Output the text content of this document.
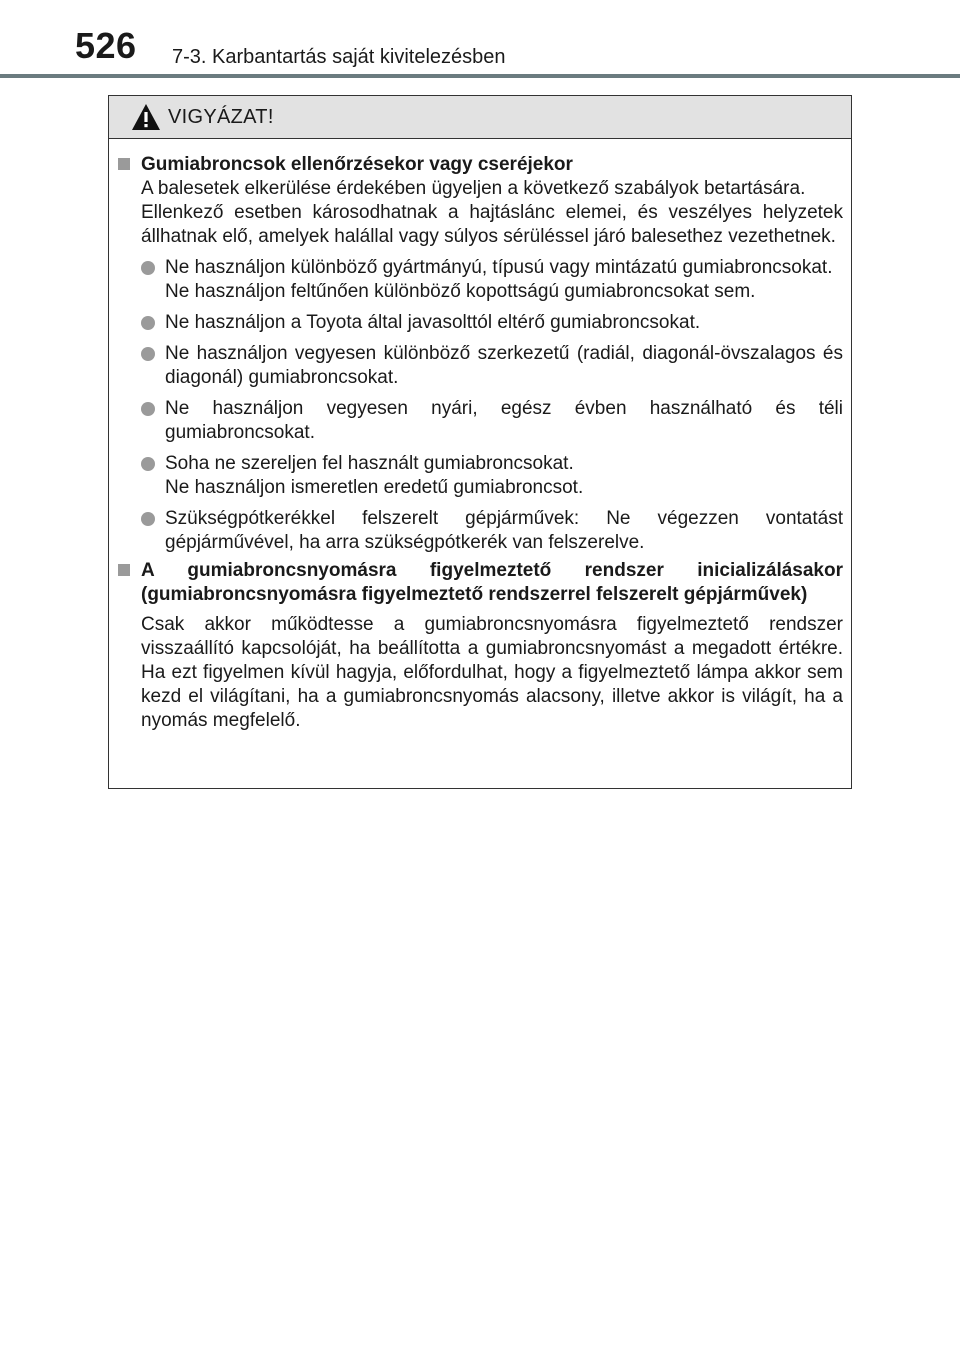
526 7-3. Karbantartás saját kivitelezésben
VIGYÁZAT!
Gumiabroncsok ellenőrzésekor vagy cseréjekor
A balesetek elkerülése érdekében ügyeljen a következő szabályok betartására.
Ellenkező esetben károsodhatnak a hajtáslánc elemei, és veszélyes helyzetek állhatnak elő, amelyek halállal vagy súlyos sérüléssel járó balesethez vezethetnek.
Ne használjon különböző gyártmányú, típusú vagy mintázatú gumiabroncsokat.
Ne használjon feltűnően különböző kopottságú gumiabroncsokat sem.
Ne használjon a Toyota által javasolttól eltérő gumiabroncsokat.
Ne használjon vegyesen különböző szerkezetű (radiál, diagonál-övszalagos és diagonál) gumiabroncsokat.
Ne használjon vegyesen nyári, egész évben használható és téli gumiabroncsokat.
Soha ne szereljen fel használt gumiabroncsokat.
Ne használjon ismeretlen eredetű gumiabroncsot.
Szükségpótkerékkel felszerelt gépjárművek: Ne végezzen vontatást gépjárművével, ha arra szükségpótkerék van felszerelve.
A gumiabroncsnyomásra figyelmeztető rendszer inicializálásakor (gumiabroncsnyomásra figyelmeztető rendszerrel felszerelt gépjárművek)
Csak akkor működtesse a gumiabroncsnyomásra figyelmeztető rendszer visszaállító kapcsolóját, ha beállította a gumiabroncsnyomást a megadott értékre. Ha ezt figyelmen kívül hagyja, előfordulhat, hogy a figyelmeztető lámpa akkor sem kezd el világítani, ha a gumiabroncsnyomás alacsony, illetve akkor is világít, ha a nyomás megfelelő.
